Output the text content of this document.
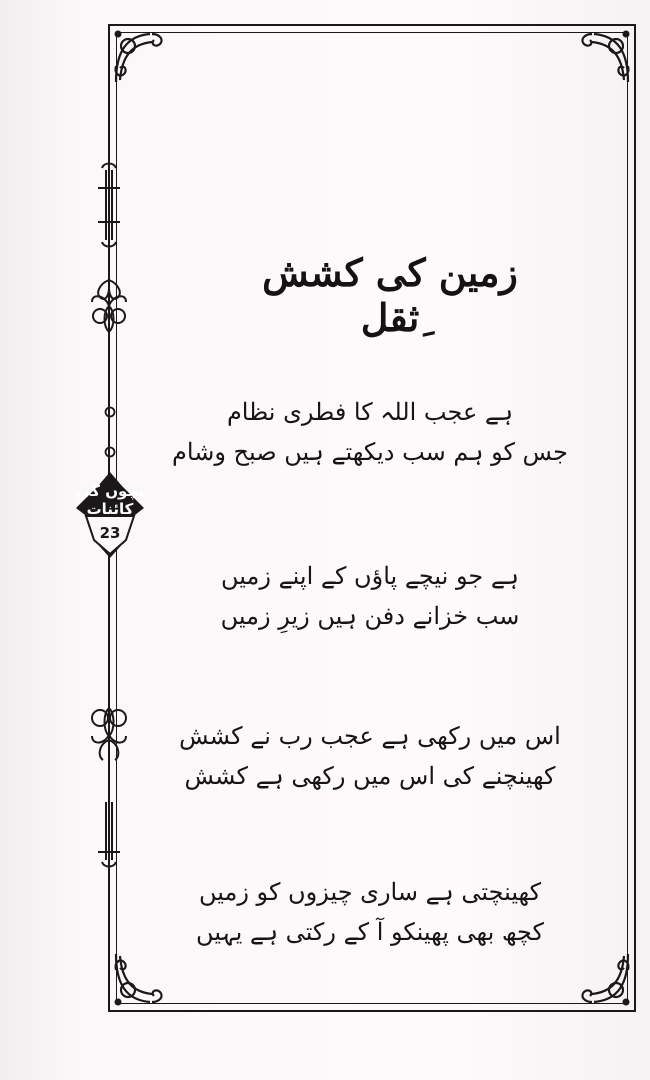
بچوں کی کائنات
23
زمین کی کشش ِثقل
ہے عجب اللہ کا فطری نظام
جس کو ہم سب دیکھتے ہیں صبح وشام
ہے جو نیچے پاؤں کے اپنے زمیں
سب خزانے دفن ہیں زیرِ زمیں
اس میں رکھی ہے عجب رب نے کشش
کھینچنے کی اس میں رکھی ہے کشش
کھینچتی ہے ساری چیزوں کو زمیں
کچھ بھی پھینکو آ کے رکتی ہے یہیں
